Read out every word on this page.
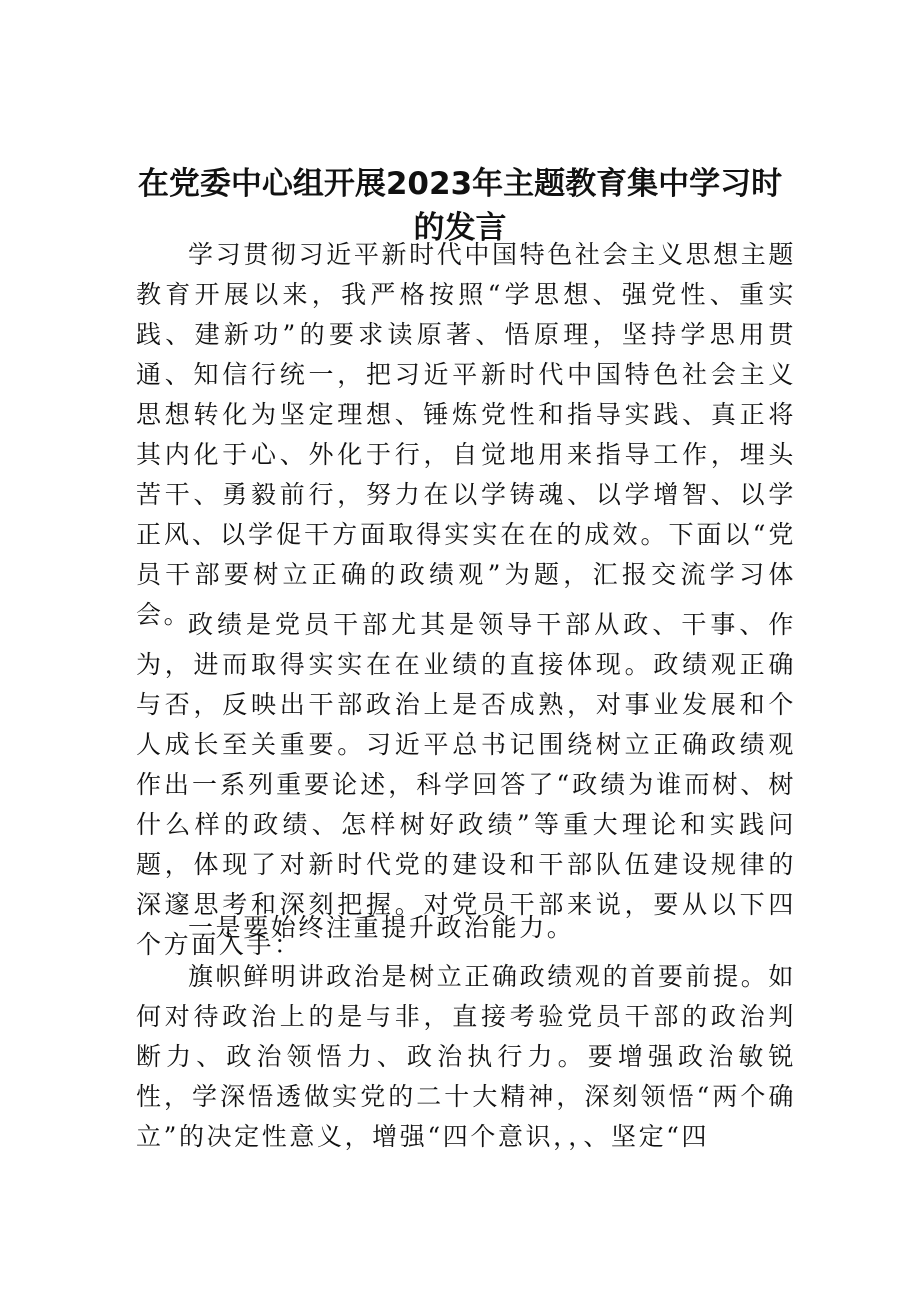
在党委中心组开展2023年主题教育集中学习时
的发言

学习贯彻习近平新时代中国特色社会主义思想主题教育开展以来，我严格按照“学思想、强党性、重实践、建新功”的要求读原著、悟原理，坚持学思用贯通、知信行统一，把习近平新时代中国特色社会主义思想转化为坚定理想、锤炼党性和指导实践、真正将其内化于心、外化于行，自觉地用来指导工作，埋头苦干、勇毅前行，努力在以学铸魂、以学增智、以学正风、以学促干方面取得实实在在的成效。下面以“党员干部要树立正确的政绩观”为题，汇报交流学习体会。

政绩是党员干部尤其是领导干部从政、干事、作为，进而取得实实在在业绩的直接体现。政绩观正确与否，反映出干部政治上是否成熟，对事业发展和个人成长至关重要。习近平总书记围绕树立正确政绩观作出一系列重要论述，科学回答了“政绩为谁而树、树什么样的政绩、怎样树好政绩”等重大理论和实践问题，体现了对新时代党的建设和干部队伍建设规律的深邃思考和深刻把握。对党员干部来说，要从以下四个方面入手：

一是要始终注重提升政治能力。

旗帜鲜明讲政治是树立正确政绩观的首要前提。如何对待政治上的是与非，直接考验党员干部的政治判断力、政治领悟力、政治执行力。要增强政治敏锐性，学深悟透做实党的二十大精神，深刻领悟“两个确立”的决定性意义，增强“四个意识，，、坚定“四
